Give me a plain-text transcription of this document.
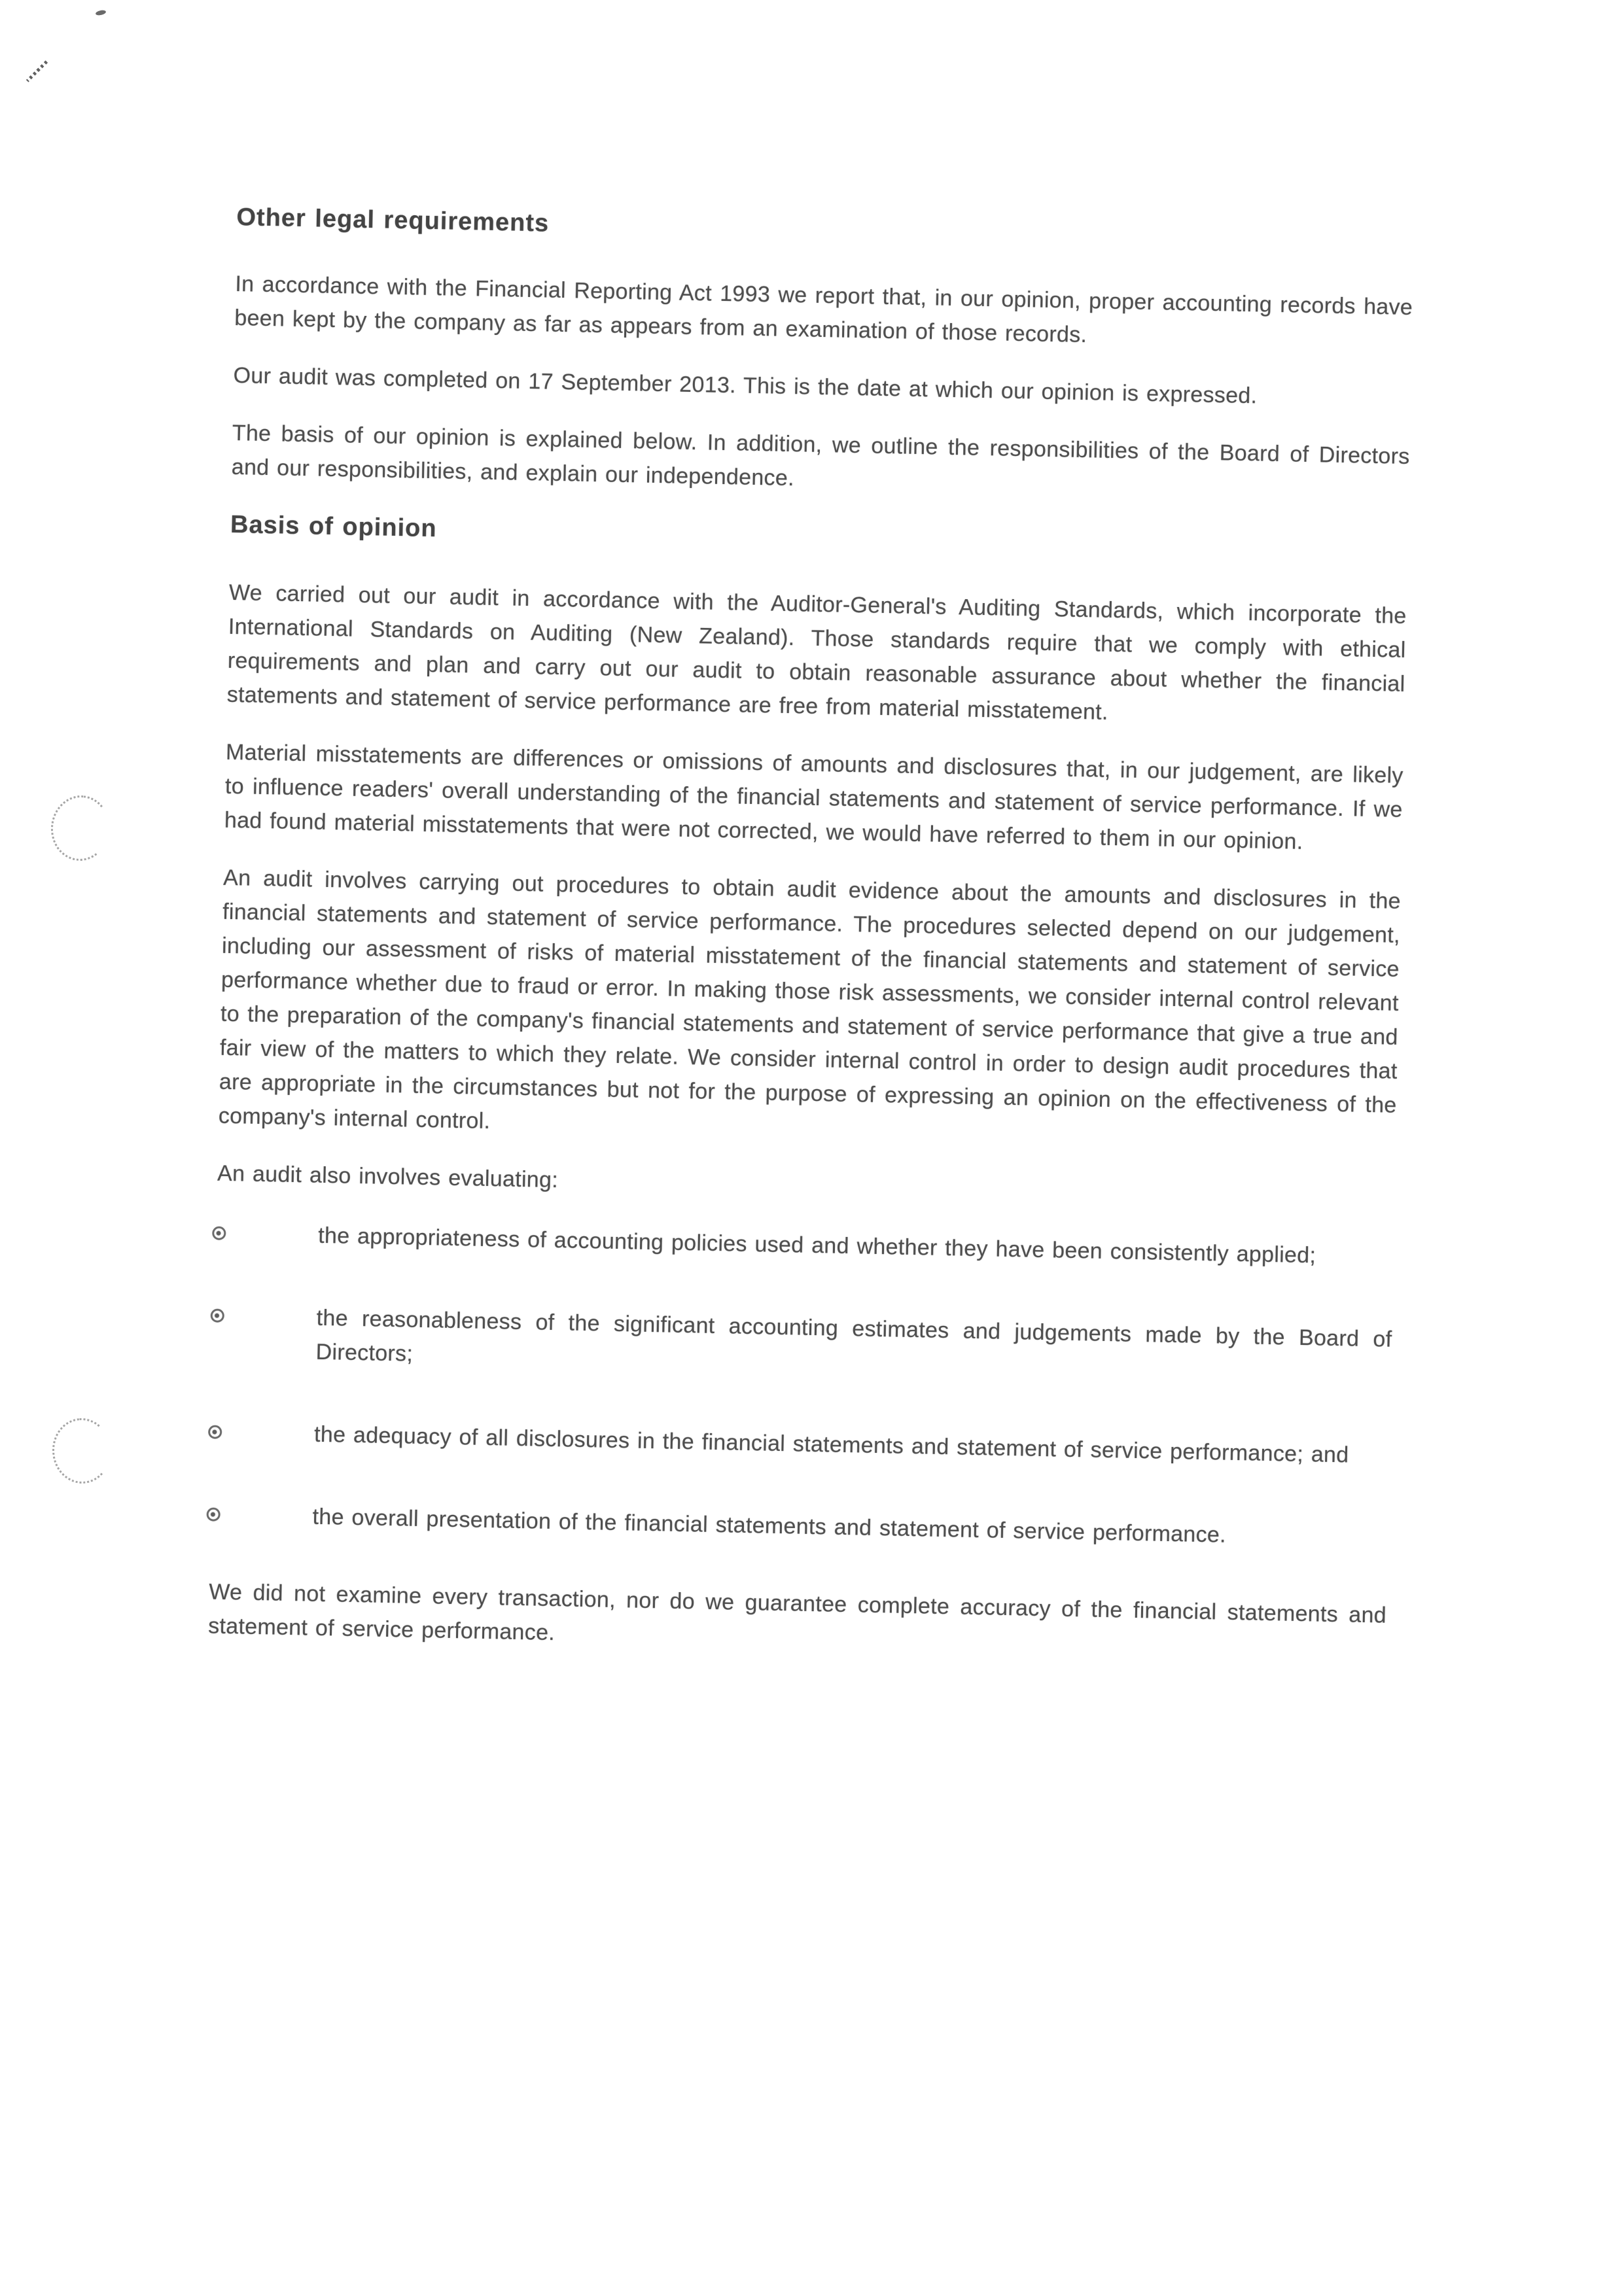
Other legal requirements

In accordance with the Financial Reporting Act 1993 we report that, in our opinion, proper accounting records have been kept by the company as far as appears from an examination of those records.

Our audit was completed on 17 September 2013. This is the date at which our opinion is expressed.

The basis of our opinion is explained below. In addition, we outline the responsibilities of the Board of Directors and our responsibilities, and explain our independence.

Basis of opinion

We carried out our audit in accordance with the Auditor-General's Auditing Standards, which incorporate the International Standards on Auditing (New Zealand). Those standards require that we comply with ethical requirements and plan and carry out our audit to obtain reasonable assurance about whether the financial statements and statement of service performance are free from material misstatement.

Material misstatements are differences or omissions of amounts and disclosures that, in our judgement, are likely to influence readers' overall understanding of the financial statements and statement of service performance. If we had found material misstatements that were not corrected, we would have referred to them in our opinion.

An audit involves carrying out procedures to obtain audit evidence about the amounts and disclosures in the financial statements and statement of service performance. The procedures selected depend on our judgement, including our assessment of risks of material misstatement of the financial statements and statement of service performance whether due to fraud or error. In making those risk assessments, we consider internal control relevant to the preparation of the company's financial statements and statement of service performance that give a true and fair view of the matters to which they relate. We consider internal control in order to design audit procedures that are appropriate in the circumstances but not for the purpose of expressing an opinion on the effectiveness of the company's internal control.

An audit also involves evaluating:

the appropriateness of accounting policies used and whether they have been consistently applied;
the reasonableness of the significant accounting estimates and judgements made by the Board of Directors;
the adequacy of all disclosures in the financial statements and statement of service performance; and
the overall presentation of the financial statements and statement of service performance.

We did not examine every transaction, nor do we guarantee complete accuracy of the financial statements and statement of service performance.
